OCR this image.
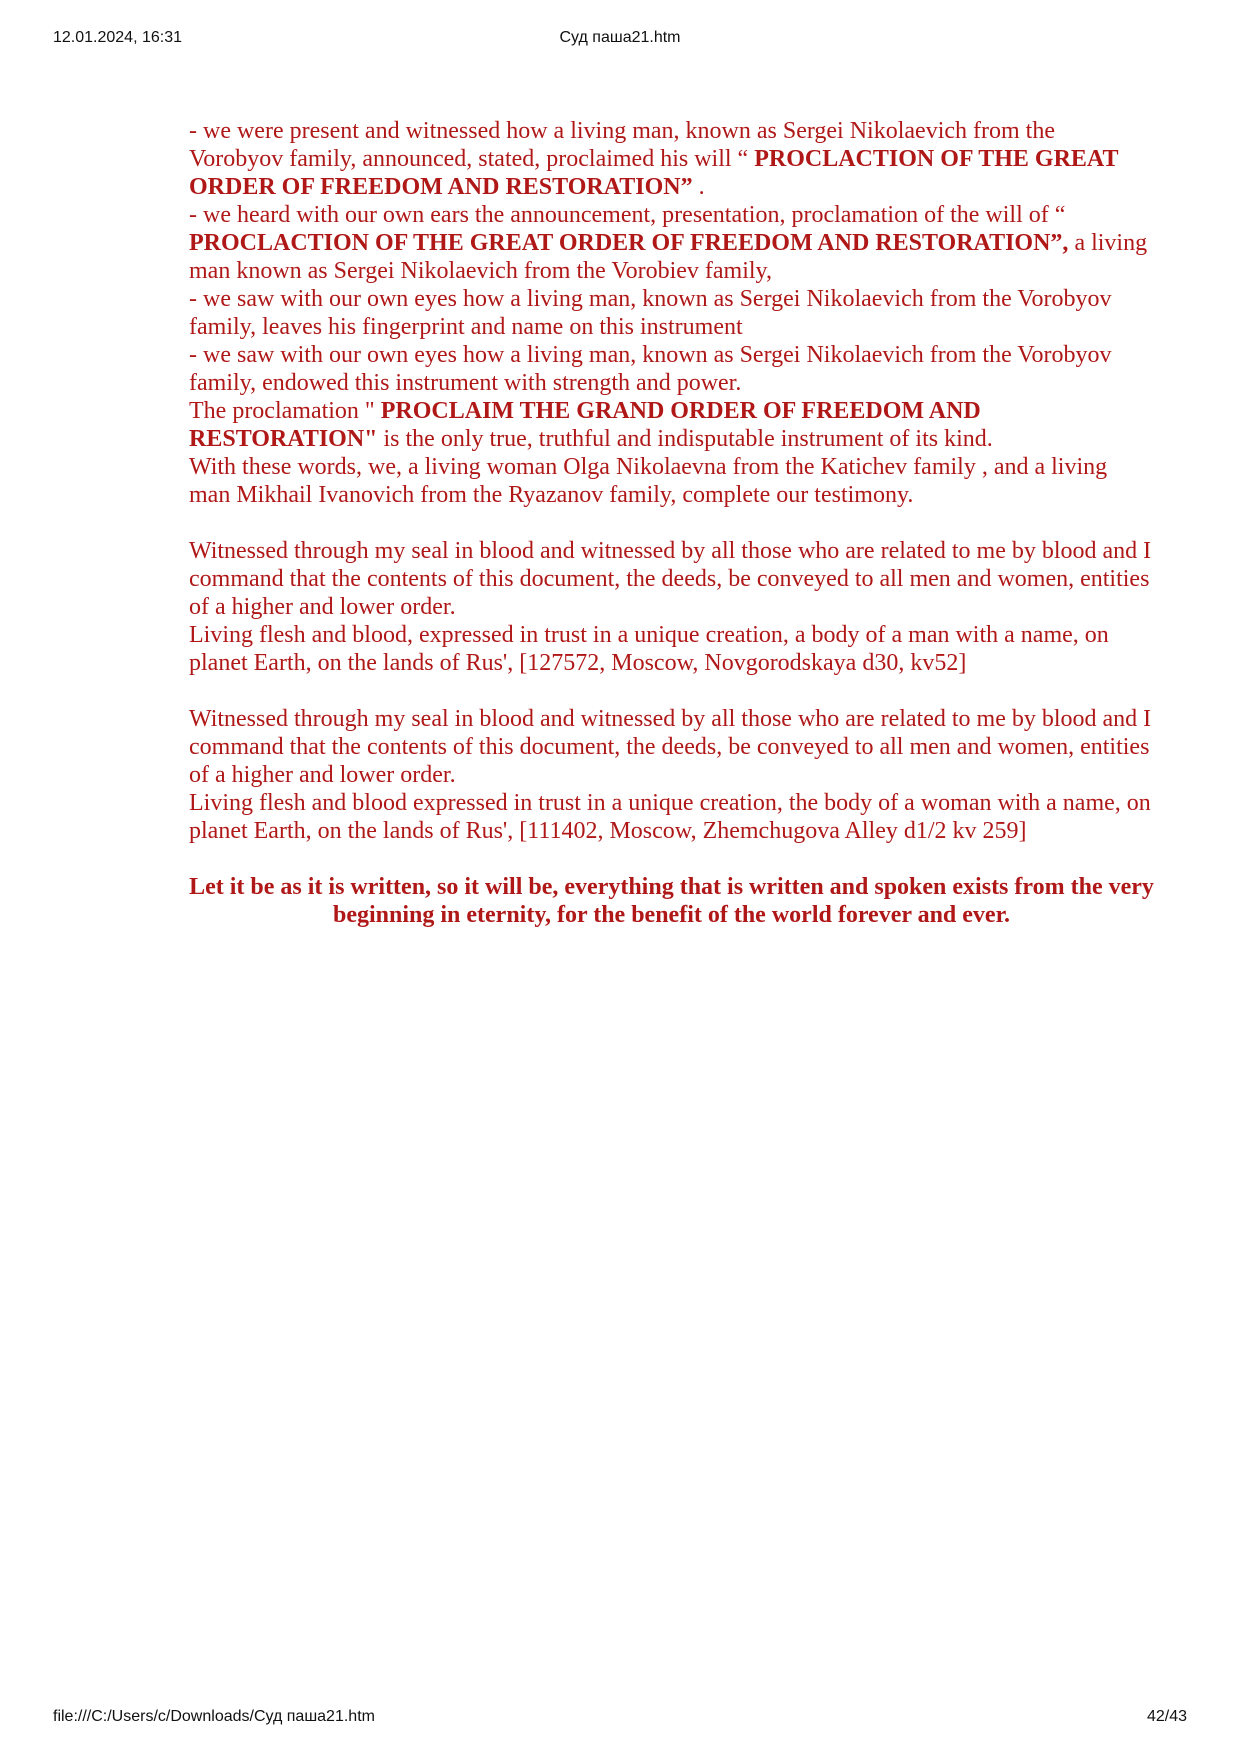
12.01.2024, 16:31	Суд паша21.htm

- we were present and witnessed how a living man, known as Sergei Nikolaevich from the Vorobyov family, announced, stated, proclaimed his will “ PROCLACTION OF THE GREAT ORDER OF FREEDOM AND RESTORATION” .

- we heard with our own ears the announcement, presentation, proclamation of the will of “ PROCLACTION OF THE GREAT ORDER OF FREEDOM AND RESTORATION”, a living man known as Sergei Nikolaevich from the Vorobiev family,

- we saw with our own eyes how a living man, known as Sergei Nikolaevich from the Vorobyov family, leaves his fingerprint and name on this instrument

- we saw with our own eyes how a living man, known as Sergei Nikolaevich from the Vorobyov family, endowed this instrument with strength and power.

The proclamation " PROCLAIM THE GRAND ORDER OF FREEDOM AND RESTORATION" is the only true, truthful and indisputable instrument of its kind.

With these words, we, a living woman Olga Nikolaevna from the Katichev family , and a living man Mikhail Ivanovich from the Ryazanov family, complete our testimony.

Witnessed through my seal in blood and witnessed by all those who are related to me by blood and I command that the contents of this document, the deeds, be conveyed to all men and women, entities of a higher and lower order.

Living flesh and blood, expressed in trust in a unique creation, a body of a man with a name, on planet Earth, on the lands of Rus', [127572, Moscow, Novgorodskaya d30, kv52]

Witnessed through my seal in blood and witnessed by all those who are related to me by blood and I command that the contents of this document, the deeds, be conveyed to all men and women, entities of a higher and lower order.

Living flesh and blood expressed in trust in a unique creation, the body of a woman with a name, on planet Earth, on the lands of Rus', [111402, Moscow, Zhemchugova Alley d1/2 kv 259]

Let it be as it is written, so it will be, everything that is written and spoken exists from the very beginning in eternity, for the benefit of the world forever and ever.

file:///C:/Users/c/Downloads/Суд паша21.htm	42/43
